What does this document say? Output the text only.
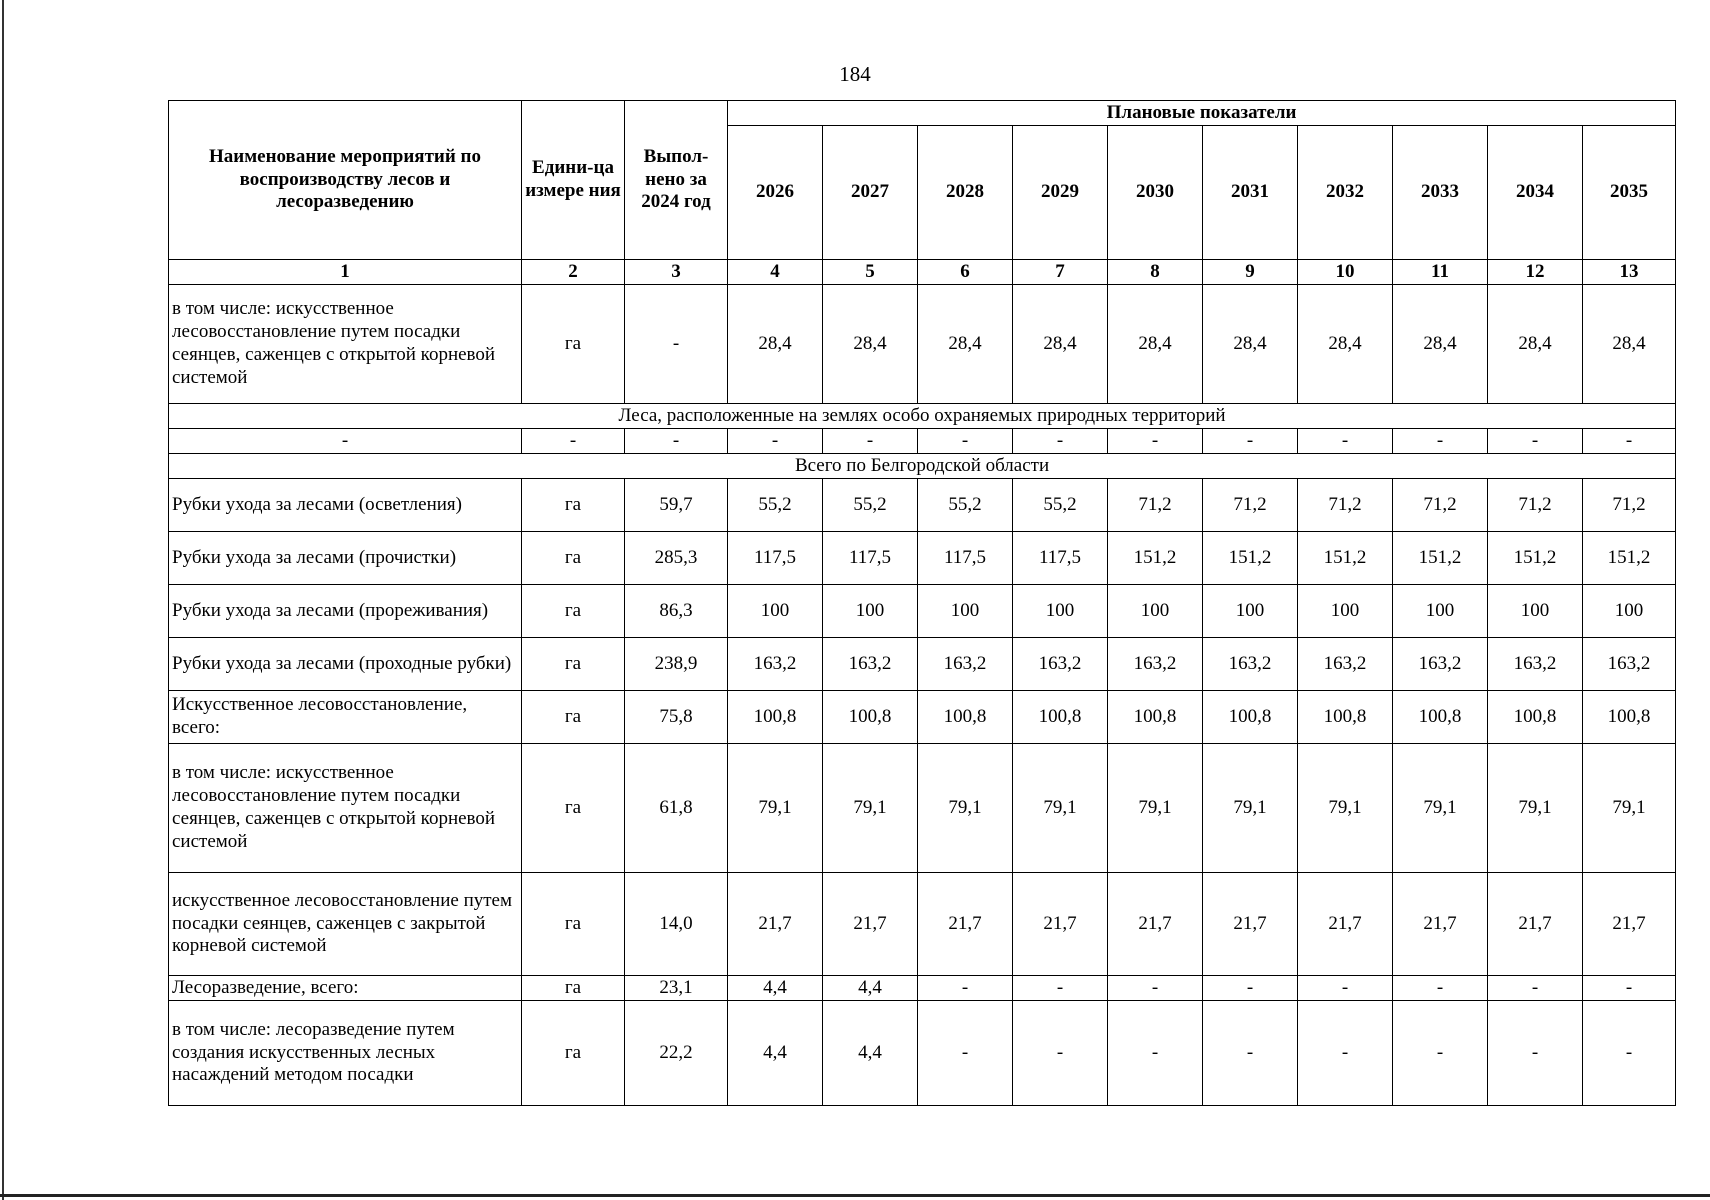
184
Наименование мероприятий по воспроизводству лесов и лесоразведению	Едини-ца измере ния	Выпол-нено за 2024 год	Плановые показатели									
			2026	2027	2028	2029	2030	2031	2032	2033	2034	2035
1	2	3	4	5	6	7	8	9	10	11	12	13
в том числе: искусственное лесовосстановление путем посадки сеянцев, саженцев с открытой корневой системой	га	-	28,4	28,4	28,4	28,4	28,4	28,4	28,4	28,4	28,4	28,4
Леса, расположенные на землях особо охраняемых природных территорий												
-	-	-	-	-	-	-	-	-	-	-	-	-
Всего по Белгородской области												
Рубки ухода за лесами (осветления)	га	59,7	55,2	55,2	55,2	55,2	71,2	71,2	71,2	71,2	71,2	71,2
Рубки ухода за лесами (прочистки)	га	285,3	117,5	117,5	117,5	117,5	151,2	151,2	151,2	151,2	151,2	151,2
Рубки ухода за лесами (прореживания)	га	86,3	100	100	100	100	100	100	100	100	100	100
Рубки ухода за лесами (проходные рубки)	га	238,9	163,2	163,2	163,2	163,2	163,2	163,2	163,2	163,2	163,2	163,2
Искусственное лесовосстановление, всего:	га	75,8	100,8	100,8	100,8	100,8	100,8	100,8	100,8	100,8	100,8	100,8
в том числе: искусственное лесовосстановление путем посадки сеянцев, саженцев с открытой корневой системой	га	61,8	79,1	79,1	79,1	79,1	79,1	79,1	79,1	79,1	79,1	79,1
искусственное лесовосстановление путем посадки сеянцев, саженцев с закрытой корневой системой	га	14,0	21,7	21,7	21,7	21,7	21,7	21,7	21,7	21,7	21,7	21,7
Лесоразведение, всего:	га	23,1	4,4	4,4	-	-	-	-	-	-	-	-
в том числе: лесоразведение путем создания искусственных лесных насаждений методом посадки	га	22,2	4,4	4,4	-	-	-	-	-	-	-	-
